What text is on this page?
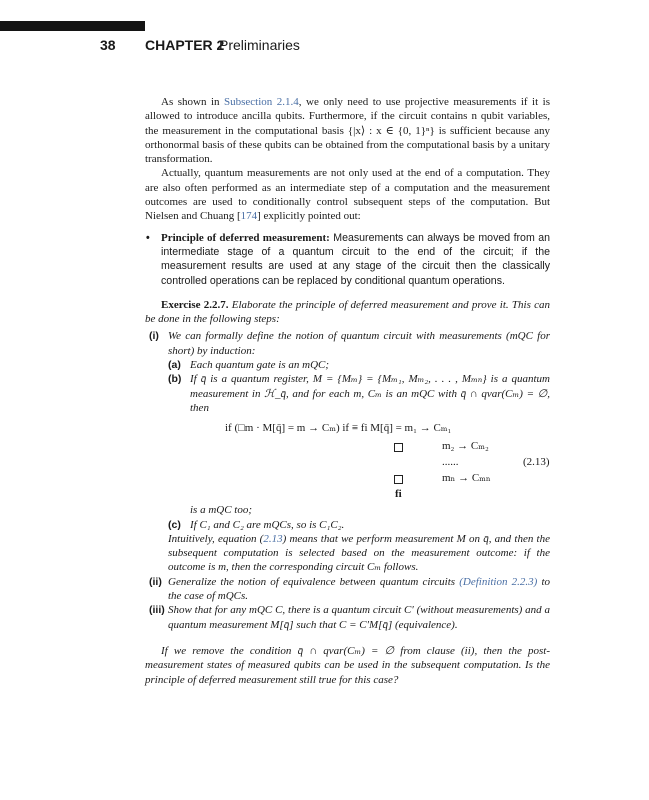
38 CHAPTER 2
Preliminaries

As shown in Subsection 2.1.4, we only need to use projective measurements if it is allowed to introduce ancilla qubits. Furthermore, if the circuit contains n qubit variables, the measurement in the computational basis {|x⟩ : x ∈ {0, 1}ⁿ} is sufficient because any orthonormal basis of these qubits can be obtained from the computational basis by a unitary transformation.

Actually, quantum measurements are not only used at the end of a computation. They are also often performed as an intermediate step of a computation and the measurement outcomes are used to conditionally control subsequent steps of the computation. But Nielsen and Chuang [174] explicitly pointed out:

• Principle of deferred measurement: Measurements can always be moved from an intermediate stage of a quantum circuit to the end of the circuit; if the measurement results are used at any stage of the circuit then the classically controlled operations can be replaced by conditional quantum operations.

Exercise 2.2.7. Elaborate the principle of deferred measurement and prove it. This can be done in the following steps:

(i) We can formally define the notion of quantum circuit with measurements (mQC for short) by induction:
(a) Each quantum gate is an mQC;
(b) If q̄ is a quantum register, M = {Mₘ} = {Mₘ₁, Mₘ₂, . . . , Mₘₙ} is a quantum measurement in ℋ_q̄, and for each m, Cₘ is an mQC with q̄ ∩ qvar(Cₘ) = ∅, then
if (□m · M[q̄] = m → Cₘ) if ≡ fi M[q̄] = m₁ → Cₘ₁
m₂ → Cₘ₂
......	(2.13)
mₙ → Cₘₙ
fi
is a mQC too;
(c) If C₁ and C₂ are mQCs, so is C₁C₂.
Intuitively, equation (2.13) means that we perform measurement M on q̄, and then the subsequent computation is selected based on the measurement outcome: if the outcome is m, then the corresponding circuit Cₘ follows.
(ii) Generalize the notion of equivalence between quantum circuits (Definition 2.2.3) to the case of mQCs.
(iii) Show that for any mQC C, there is a quantum circuit C′ (without measurements) and a quantum measurement M[q̄] such that C = C′M[q̄] (equivalence).

If we remove the condition q̄ ∩ qvar(Cₘ) = ∅ from clause (ii), then the post-measurement states of measured qubits can be used in the subsequent computation. Is the principle of deferred measurement still true for this case?
